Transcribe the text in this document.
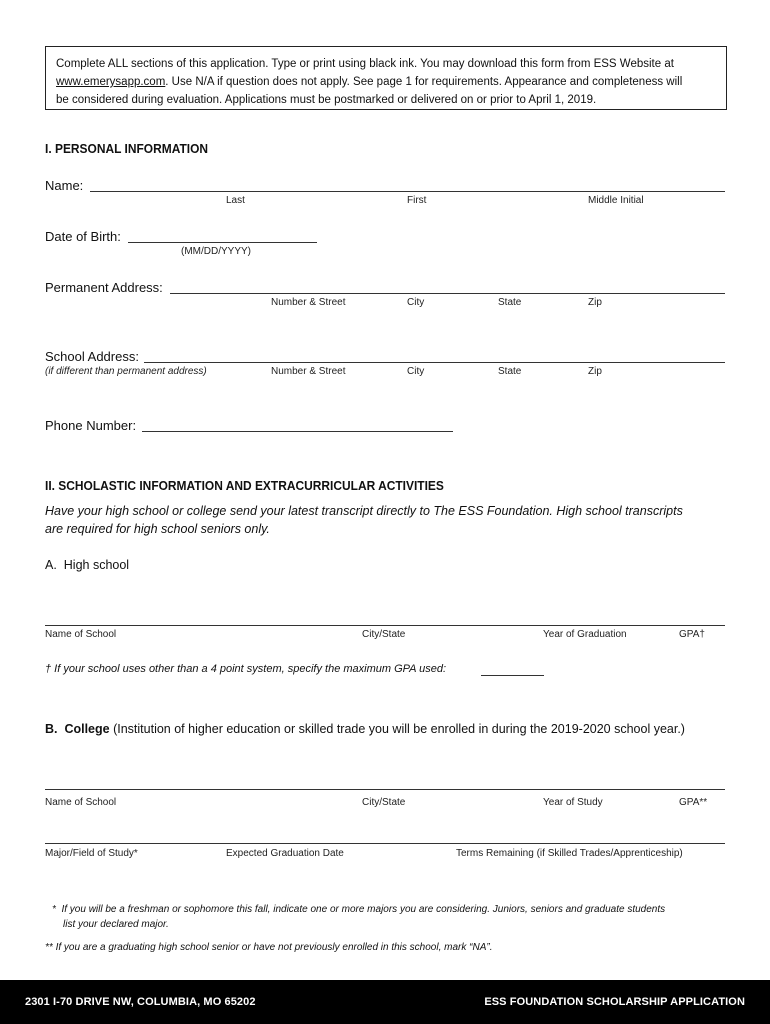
Complete ALL sections of this application. Type or print using black ink. You may download this form from ESS Website at
www.emerysapp.com. Use N/A if question does not apply. See page 1 for requirements. Appearance and completeness will
be considered during evaluation. Applications must be postmarked or delivered on or prior to April 1, 2019.
I. PERSONAL INFORMATION
Name:
Last	First	Middle Initial
Date of Birth:
(MM/DD/YYYY)
Permanent Address:
Number & Street	City	State	Zip
School Address:
(if different than permanent address)	Number & Street	City	State	Zip
Phone Number:
II. SCHOLASTIC INFORMATION AND EXTRACURRICULAR ACTIVITIES
Have your high school or college send your latest transcript directly to The ESS Foundation. High school transcripts
are required for high school seniors only.
A. High school
Name of School	City/State	Year of Graduation	GPA†
† If your school uses other than a 4 point system, specify the maximum GPA used:
B. College (Institution of higher education or skilled trade you will be enrolled in during the 2019-2020 school year.)
Name of School	City/State	Year of Study	GPA**
Major/Field of Study*	Expected Graduation Date	Terms Remaining (if Skilled Trades/Apprenticeship)
* If you will be a freshman or sophomore this fall, indicate one or more majors you are considering. Juniors, seniors and graduate students
list your declared major.
** If you are a graduating high school senior or have not previously enrolled in this school, mark “NA”.
2301 I-70 DRIVE NW, COLUMBIA, MO 65202	ESS FOUNDATION SCHOLARSHIP APPLICATION
